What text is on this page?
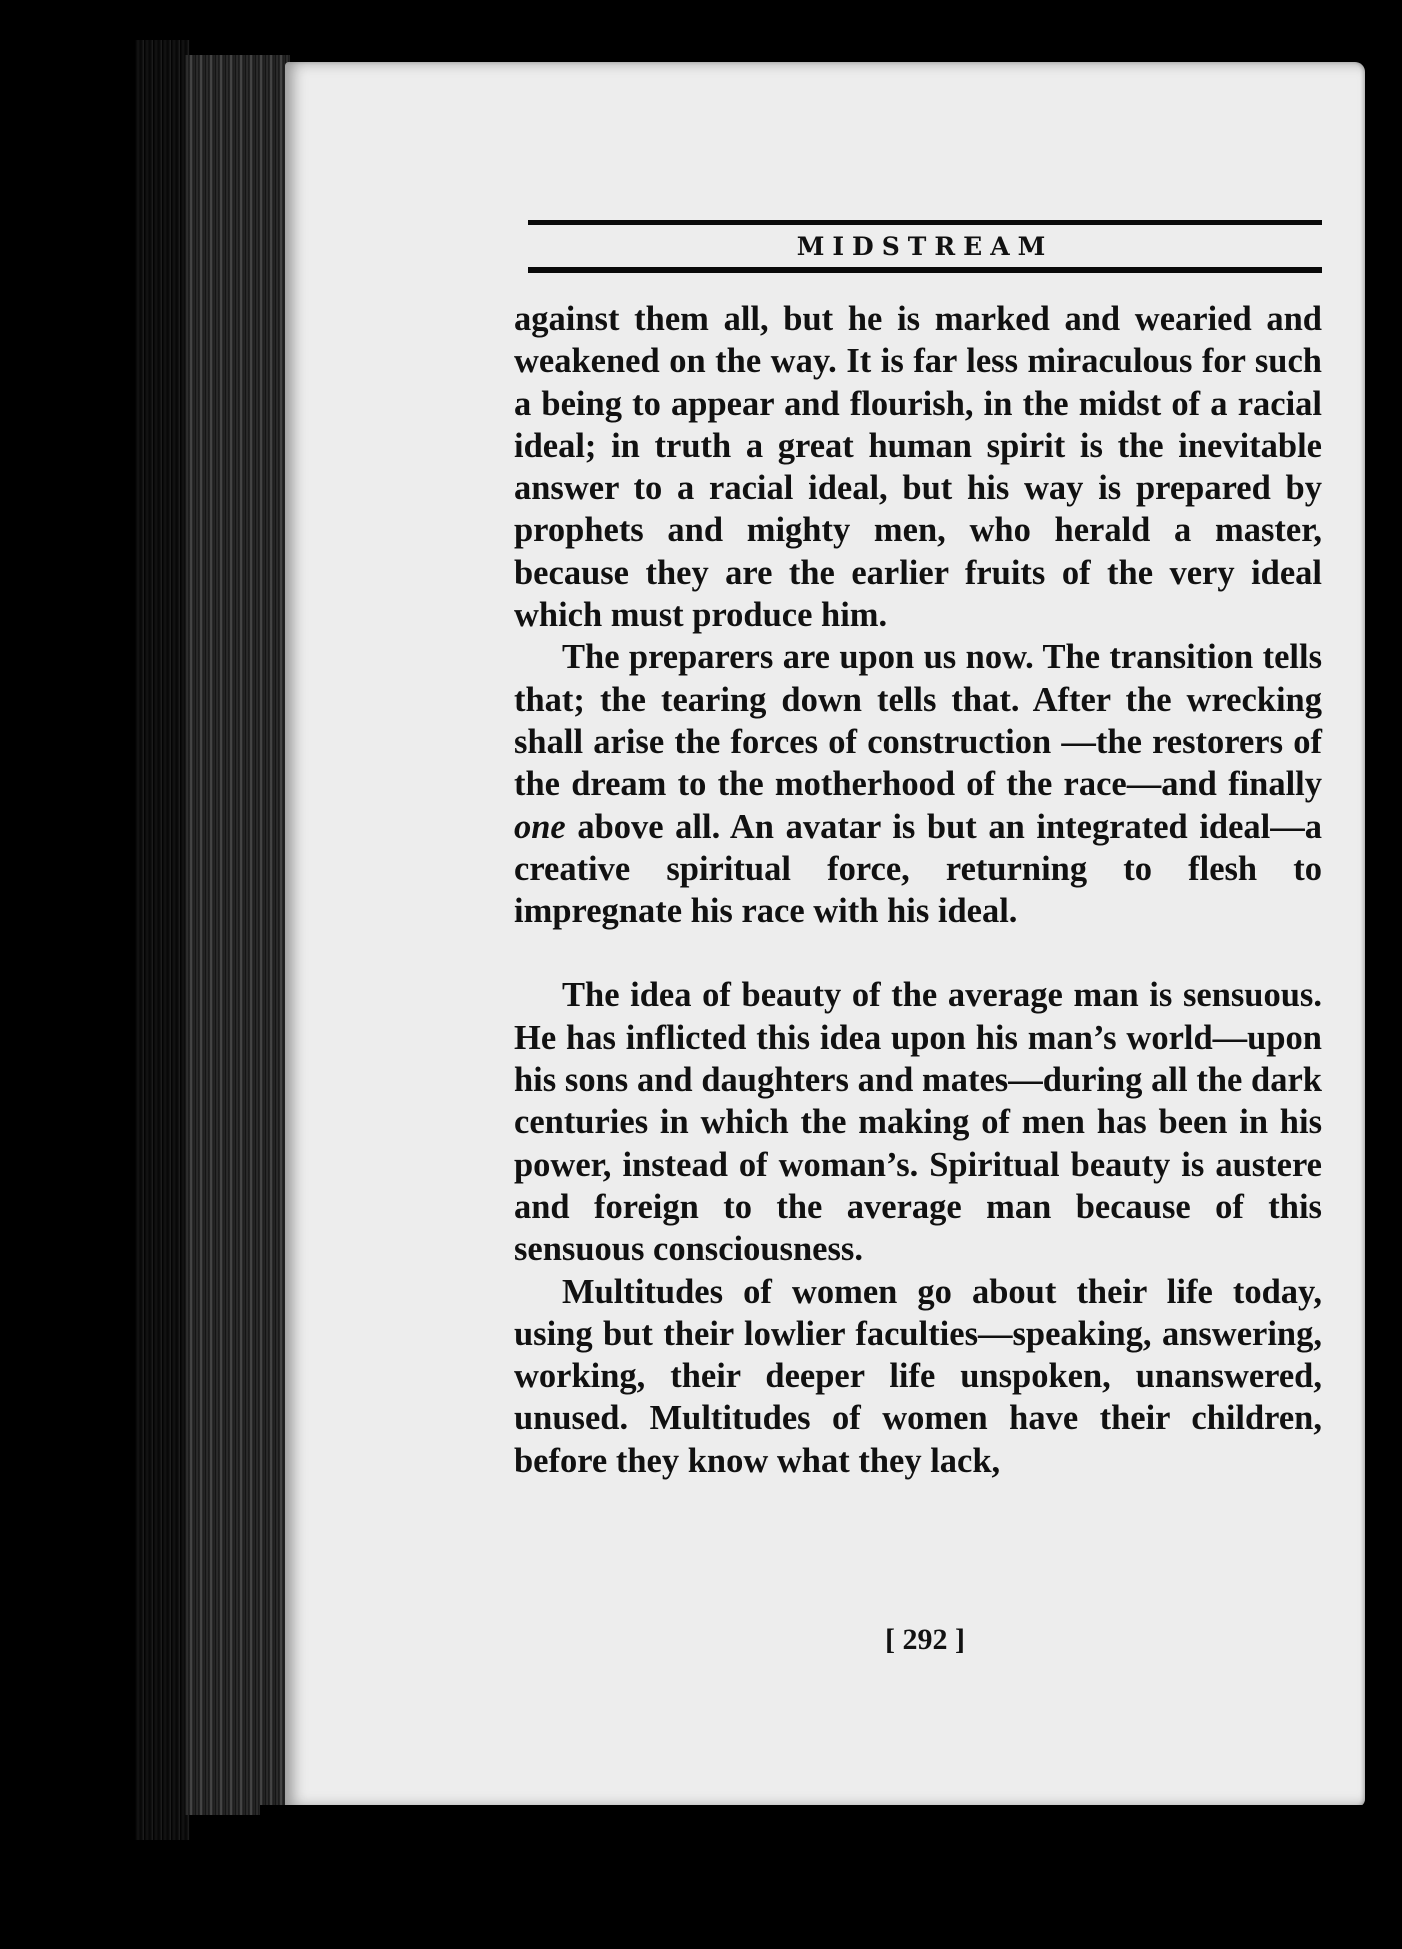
MIDSTREAM

against them all, but he is marked and wearied and weakened on the way. It is far less miraculous for such a being to appear and flourish, in the midst of a racial ideal; in truth a great human spirit is the inevitable answer to a racial ideal, but his way is prepared by prophets and mighty men, who herald a master, because they are the earlier fruits of the very ideal which must produce him.

The preparers are upon us now. The transition tells that; the tearing down tells that. After the wrecking shall arise the forces of construction —the restorers of the dream to the motherhood of the race—and finally one above all. An avatar is but an integrated ideal—a creative spiritual force, returning to flesh to impregnate his race with his ideal.

The idea of beauty of the average man is sensuous. He has inflicted this idea upon his man’s world—upon his sons and daughters and mates—during all the dark centuries in which the making of men has been in his power, instead of woman’s. Spiritual beauty is austere and foreign to the average man because of this sensuous consciousness.

Multitudes of women go about their life today, using but their lowlier faculties—speaking, answering, working, their deeper life unspoken, unanswered, unused. Multitudes of women have their children, before they know what they lack,

[ 292 ]
